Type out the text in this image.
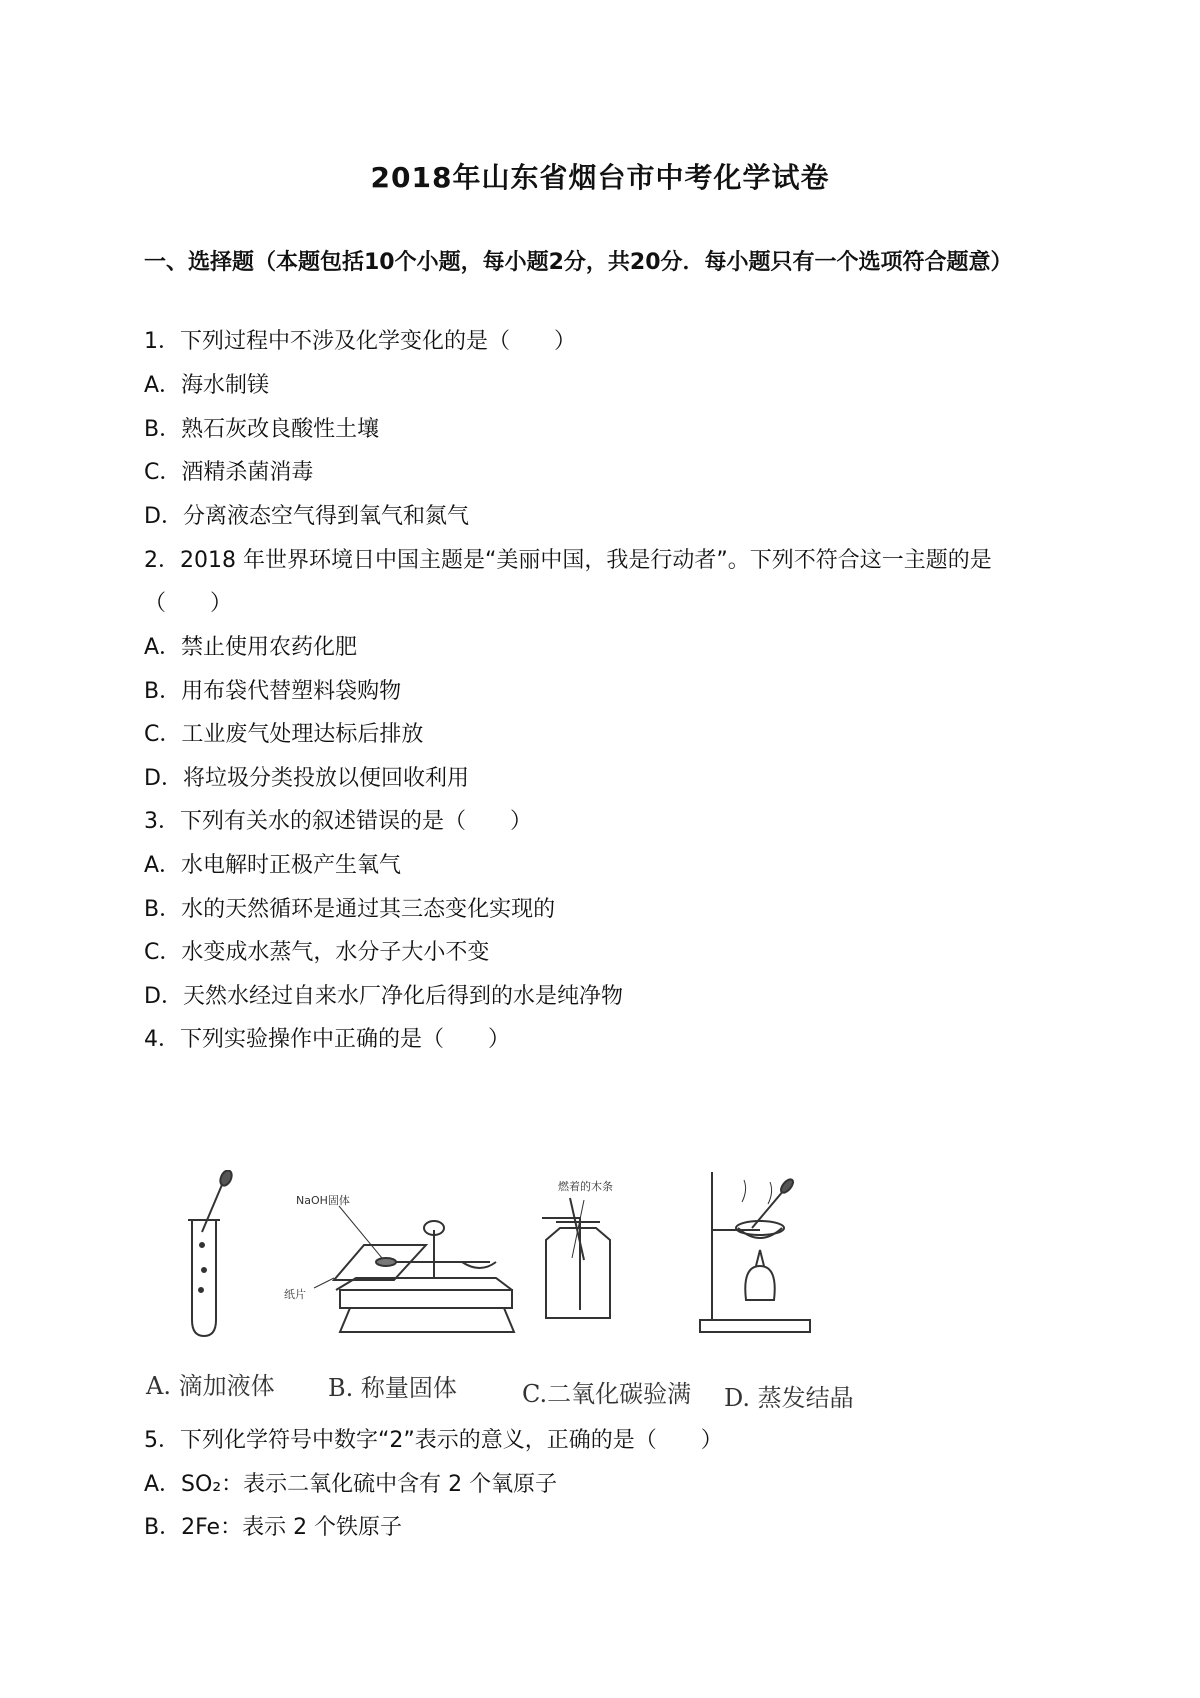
2018年山东省烟台市中考化学试卷
一、选择题（本题包括10个小题，每小题2分，共20分．每小题只有一个选项符合题意）
1．下列过程中不涉及化学变化的是（　　）
A．海水制镁
B．熟石灰改良酸性土壤
C．酒精杀菌消毒
D．分离液态空气得到氧气和氮气
2．2018 年世界环境日中国主题是“美丽中国，我是行动者”。下列不符合这一主题的是
（　　）
A．禁止使用农药化肥
B．用布袋代替塑料袋购物
C．工业废气处理达标后排放
D．将垃圾分类投放以便回收利用
3．下列有关水的叙述错误的是（　　）
A．水电解时正极产生氧气
B．水的天然循环是通过其三态变化实现的
C．水变成水蒸气，水分子大小不变
D．天然水经过自来水厂净化后得到的水是纯净物
4．下列实验操作中正确的是（　　）
NaOH固体
纸片
燃着的木条
A. 滴加液体 B. 称量固体	C.二氧化碳验满 D. 蒸发结晶
5．下列化学符号中数字“2”表示的意义，正确的是（　　）
A．SO₂：表示二氧化硫中含有 2 个氧原子
B．2Fe：表示 2 个铁原子
